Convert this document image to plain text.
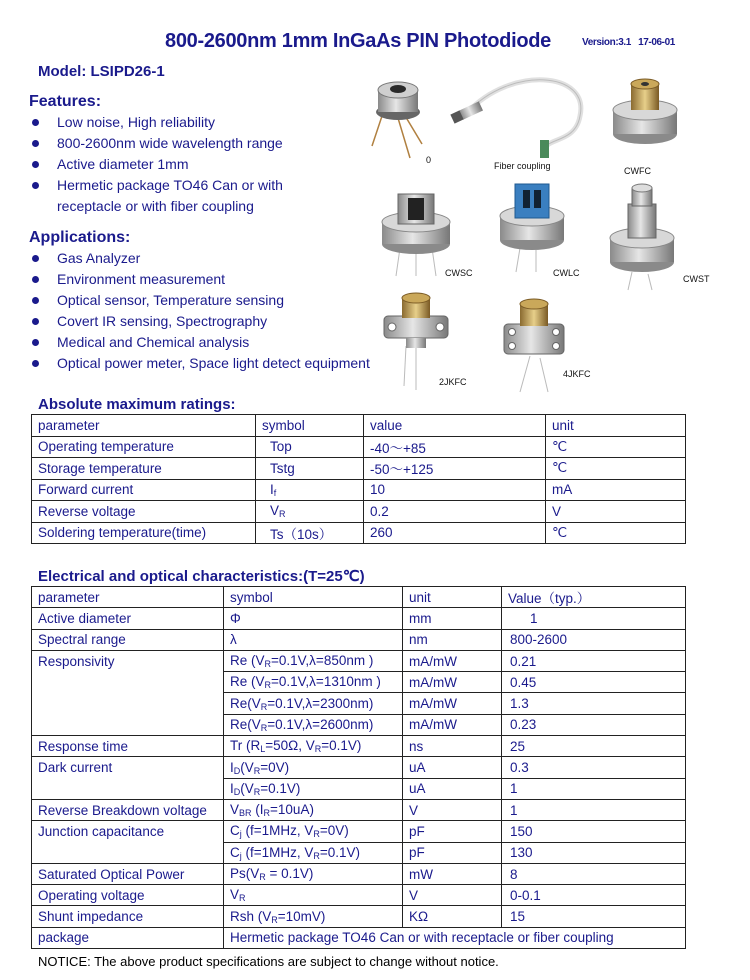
800-2600nm 1mm InGaAs PIN Photodiode	Version:3.1 17-06-01
Model: LSIPD26-1
Features:
Low noise, High reliability
800-2600nm wide wavelength range
Active diameter 1mm
Hermetic package TO46 Can or with
receptacle or with fiber coupling
Applications:
Gas Analyzer
Environment measurement
Optical sensor, Temperature sensing
Covert IR sensing, Spectrography
Medical and Chemical analysis
Optical power meter, Space light detect equipment
0
Fiber coupling	CWFC
CWSC	CWLC
CWST
2JKFC
4JKFC
Absolute maximum ratings:
parameter	symbol	value	unit
Operating temperature	Top	-40～+85	℃
Storage temperature	Tstg	-50～+125	℃
Forward current	$I_f$	10	mA
Reverse voltage	$V_R$	0.2	V
Soldering temperature(time)	Ts（10s）	260	℃
Electrical and optical characteristics:(T=25℃)
parameter	symbol	unit	Value（typ.）
Active diameter	Φ	mm	1
Spectral range	λ	nm	800-2600
Responsivity	Re ($V_R=0.1V,\lambda=850nm$ )	mA/mW	0.21
	Re ($V_R=0.1V,\lambda=1310nm$ )	mA/mW	0.45
	$Re(V_R=0.1V,\lambda=2300nm)$	mA/mW	1.3
	$Re(V_R=0.1V,\lambda=2600nm)$	mA/mW	0.23
Response time	Tr ($R_L=50\Omega$, $V_R=0.1V$)	ns	25
Dark current	$I_D(V_R=0V)$	uA	0.3
	$I_D(V_R=0.1V)$	uA	1
Reverse Breakdown voltage	$V_{BR}$ $(I_R=10uA)$	V	1
Junction capacitance	$C_j$ (f=1MHz, $V_R=0V$)	pF	150
	$C_j$ (f=1MHz, $V_R=0.1V$)	pF	130
Saturated Optical Power	$Ps(V_R = 0.1V)$	mW	8
Operating voltage	$V_R$	V	0-0.1
Shunt impedance	Rsh $(V_R=10mV)$	KΩ	15
package	Hermetic package TO46 Can or with receptacle or fiber coupling		
NOTICE: The above product specifications are subject to change without notice.
